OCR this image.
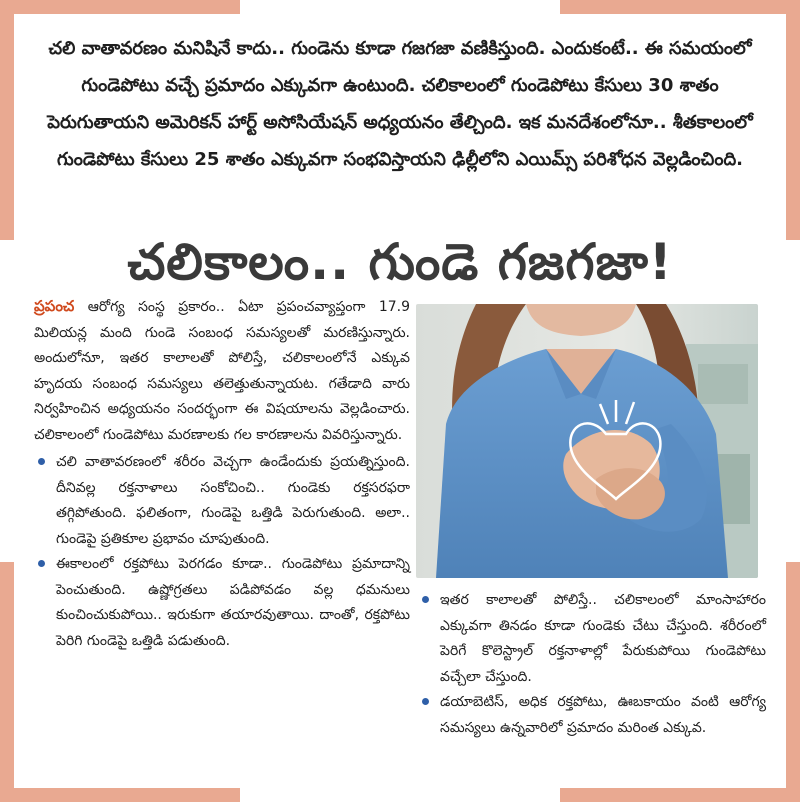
చలి వాతావరణం మనిషినే కాదు.. గుండెను కూడా గజగజా వణికిస్తుంది. ఎందుకంటే.. ఈ సమయంలో గుండెపోటు వచ్చే ప్రమాదం ఎక్కువగా ఉంటుంది. చలికాలంలో గుండెపోటు కేసులు 30 శాతం పెరుగుతాయని అమెరికన్ హార్ట్ అసోసియేషన్ అధ్యయనం తేల్చింది. ఇక మనదేశంలోనూ.. శీతకాలంలో గుండెపోటు కేసులు 25 శాతం ఎక్కువగా సంభవిస్తాయని ఢిల్లీలోని ఎయిమ్స్ పరిశోధన వెల్లడించింది.
చలికాలం.. గుండె గజగజా!

ప్రపంచ ఆరోగ్య సంస్థ ప్రకారం.. ఏటా ప్రపంచవ్యాప్తంగా 17.9 మిలియన్ల మంది గుండె సంబంధ సమస్యలతో మరణిస్తున్నారు. అందులోనూ, ఇతర కాలాలతో పోలిస్తే, చలికాలంలోనే ఎక్కువ హృదయ సంబంధ సమస్యలు తలెత్తుతున్నాయట. గతేడాది వారు నిర్వహించిన అధ్యయనం సందర్భంగా ఈ విషయాలను వెల్లడించారు. చలికాలంలో గుండెపోటు మరణాలకు గల కారణాలను వివరిస్తున్నారు.

చలి వాతావరణంలో శరీరం వెచ్చగా ఉండేందుకు ప్రయత్నిస్తుంది. దీనివల్ల రక్తనాళాలు సంకోచించి.. గుండెకు రక్తసరఫరా తగ్గిపోతుంది. ఫలితంగా, గుండెపై ఒత్తిడి పెరుగుతుంది. అలా.. గుండెపై ప్రతికూల ప్రభావం చూపుతుంది.
ఈకాలంలో రక్తపోటు పెరగడం కూడా.. గుండెపోటు ప్రమాదాన్ని పెంచుతుంది. ఉష్ణోగ్రతలు పడిపోవడం వల్ల ధమనులు కుంచించుకుపోయి.. ఇరుకుగా తయారవుతాయి. దాంతో, రక్తపోటు పెరిగి గుండెపై ఒత్తిడి పడుతుంది.
ఇతర కాలాలతో పోలిస్తే.. చలికాలంలో మాంసాహారం ఎక్కువగా తినడం కూడా గుండెకు చేటు చేస్తుంది. శరీరంలో పెరిగే కొలెస్ట్రాల్ రక్తనాళాల్లో పేరుకుపోయి గుండెపోటు వచ్చేలా చేస్తుంది.
డయాబెటిస్, అధిక రక్తపోటు, ఊబకాయం వంటి ఆరోగ్య సమస్యలు ఉన్నవారిలో ప్రమాదం మరింత ఎక్కువ.
